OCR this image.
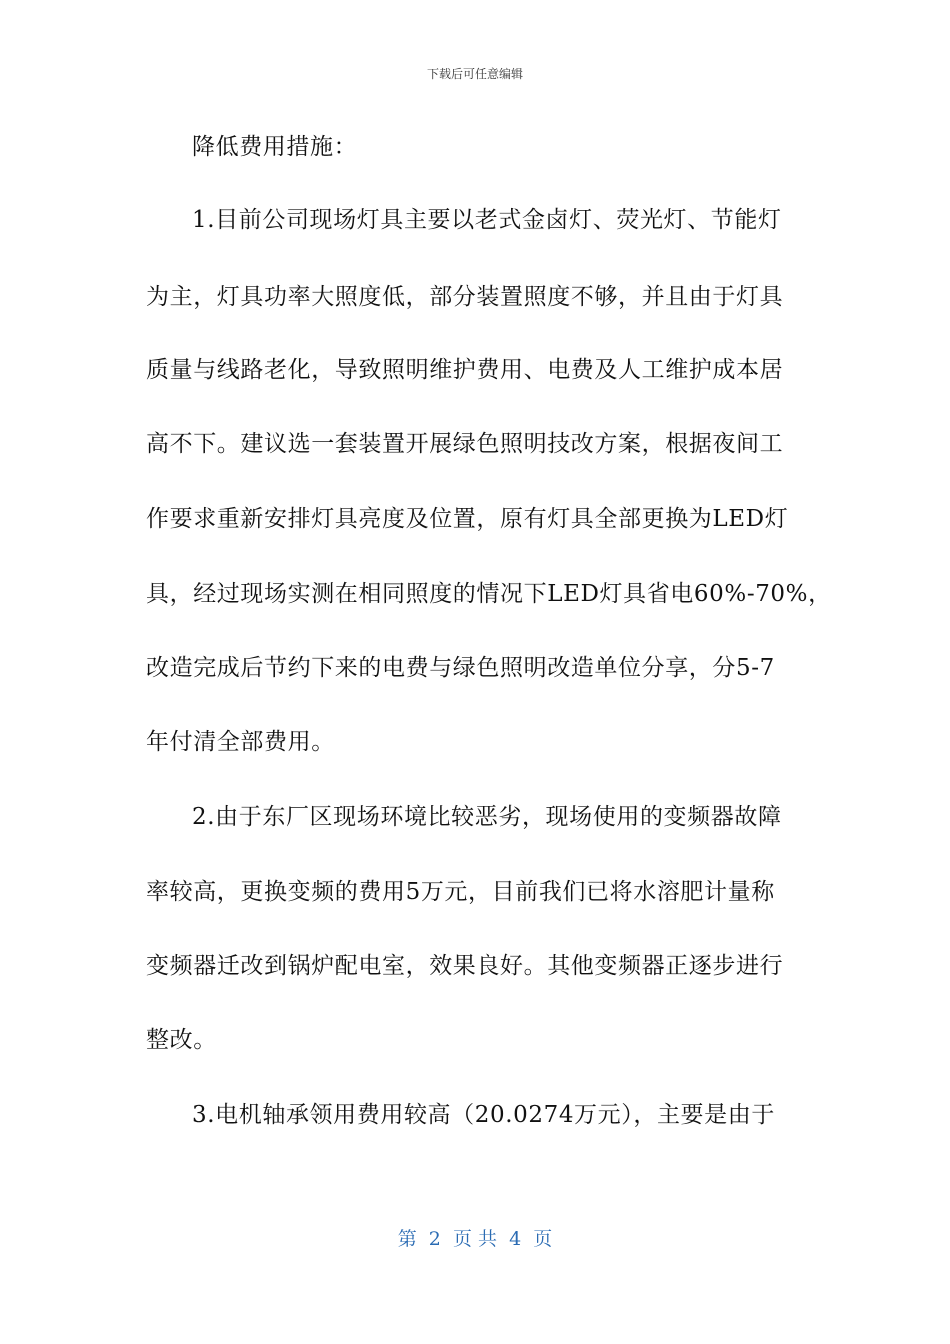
下载后可任意编辑
降低费用措施：
1.目前公司现场灯具主要以老式金卤灯、荧光灯、节能灯
为主，灯具功率大照度低，部分装置照度不够，并且由于灯具
质量与线路老化，导致照明维护费用、电费及人工维护成本居
高不下。建议选一套装置开展绿色照明技改方案，根据夜间工
作要求重新安排灯具亮度及位置，原有灯具全部更换为LED灯
具，经过现场实测在相同照度的情况下LED灯具省电60%-70%，
改造完成后节约下来的电费与绿色照明改造单位分享，分5-7
年付清全部费用。
2.由于东厂区现场环境比较恶劣，现场使用的变频器故障
率较高，更换变频的费用5万元，目前我们已将水溶肥计量称
变频器迁改到锅炉配电室，效果良好。其他变频器正逐步进行
整改。
3.电机轴承领用费用较高（20.0274万元），主要是由于
第  2  页 共  4  页
